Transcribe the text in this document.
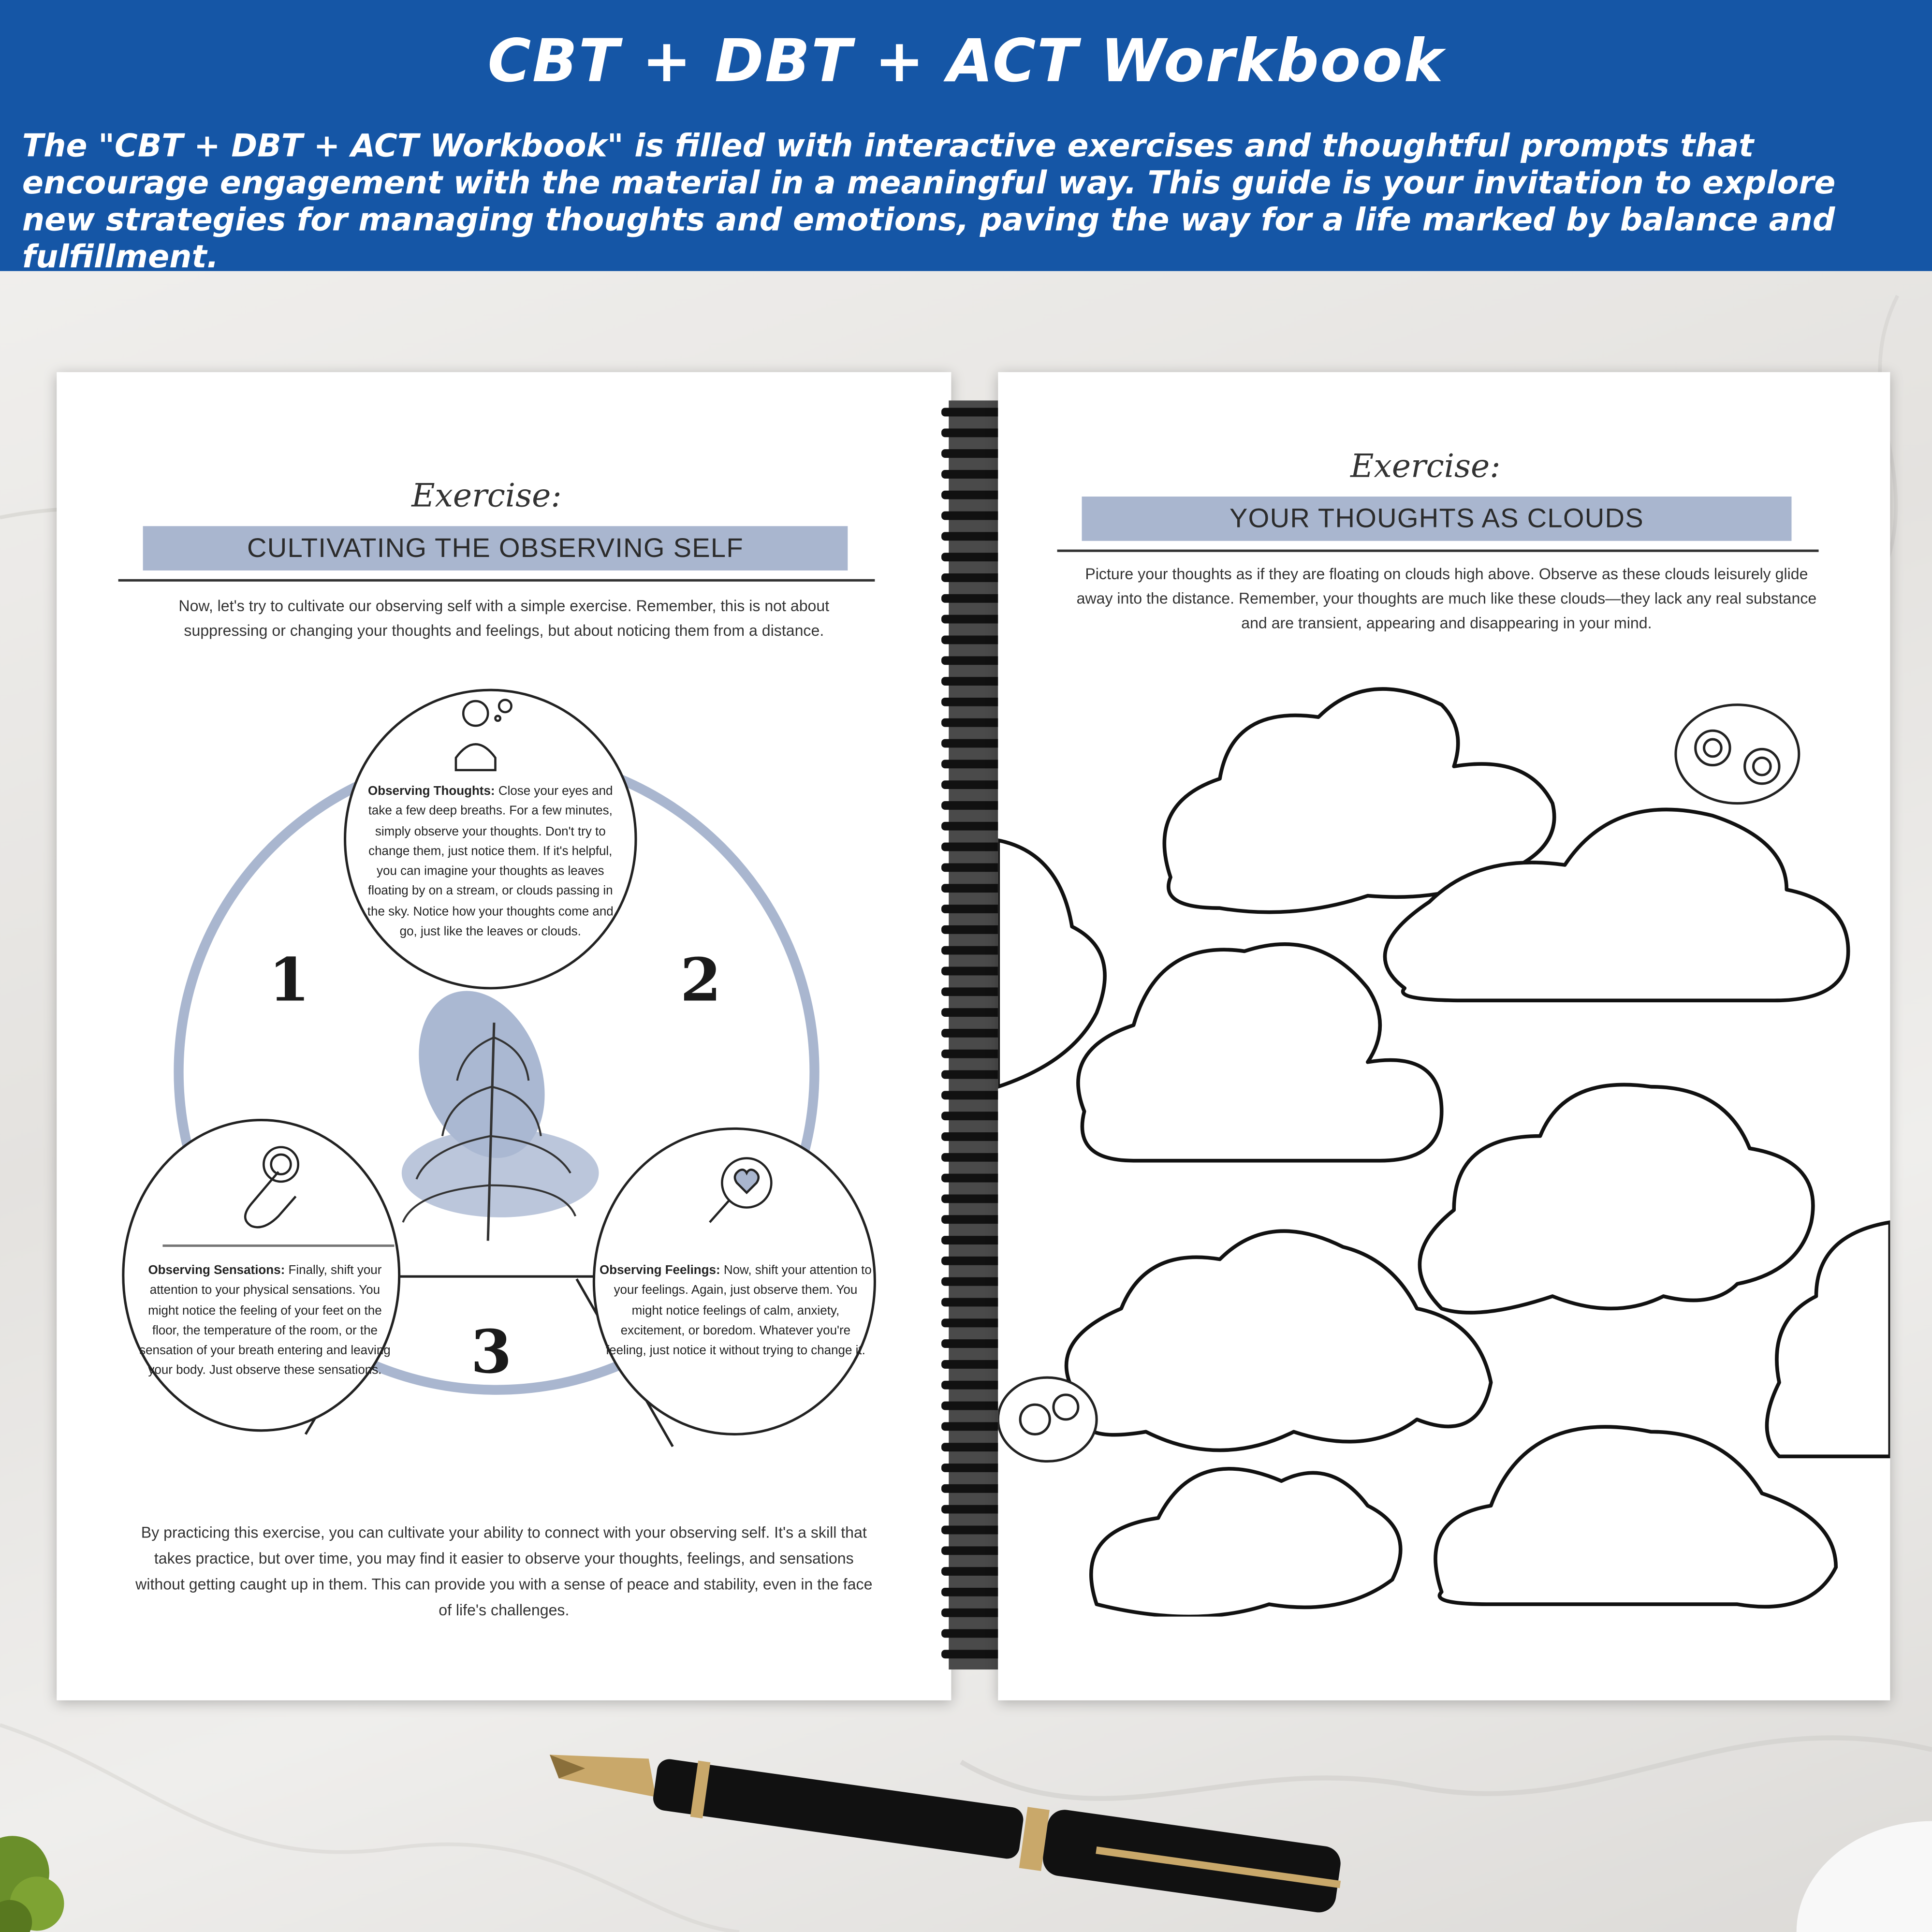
CBT + DBT + ACT Workbook
The "CBT + DBT + ACT Workbook" is filled with interactive exercises and thoughtful prompts that encourage engagement with the material in a meaningful way. This guide is your invitation to explore new strategies for managing thoughts and emotions, paving the way for a life marked by balance and fulfillment.
Exercise:
CULTIVATING THE OBSERVING SELF
Now, let's try to cultivate our observing self with a simple exercise. Remember, this is not about suppressing or changing your thoughts and feelings, but about noticing them from a distance.
Observing Thoughts: Close your eyes and take a few deep breaths. For a few minutes, simply observe your thoughts. Don't try to change them, just notice them. If it's helpful, you can imagine your thoughts as leaves floating by on a stream, or clouds passing in the sky. Notice how your thoughts come and go, just like the leaves or clouds.
Observing Sensations: Finally, shift your attention to your physical sensations. You might notice the feeling of your feet on the floor, the temperature of the room, or the sensation of your breath entering and leaving your body. Just observe these sensations.
Observing Feelings: Now, shift your attention to your feelings. Again, just observe them. You might notice feelings of calm, anxiety, excitement, or boredom. Whatever you're feeling, just notice it without trying to change it.
1	2
3
By practicing this exercise, you can cultivate your ability to connect with your observing self. It's a skill that takes practice, but over time, you may find it easier to observe your thoughts, feelings, and sensations without getting caught up in them. This can provide you with a sense of peace and stability, even in the face of life's challenges.
Exercise:
YOUR THOUGHTS AS CLOUDS
Picture your thoughts as if they are floating on clouds high above. Observe as these clouds leisurely glide away into the distance. Remember, your thoughts are much like these clouds—they lack any real substance and are transient, appearing and disappearing in your mind.
